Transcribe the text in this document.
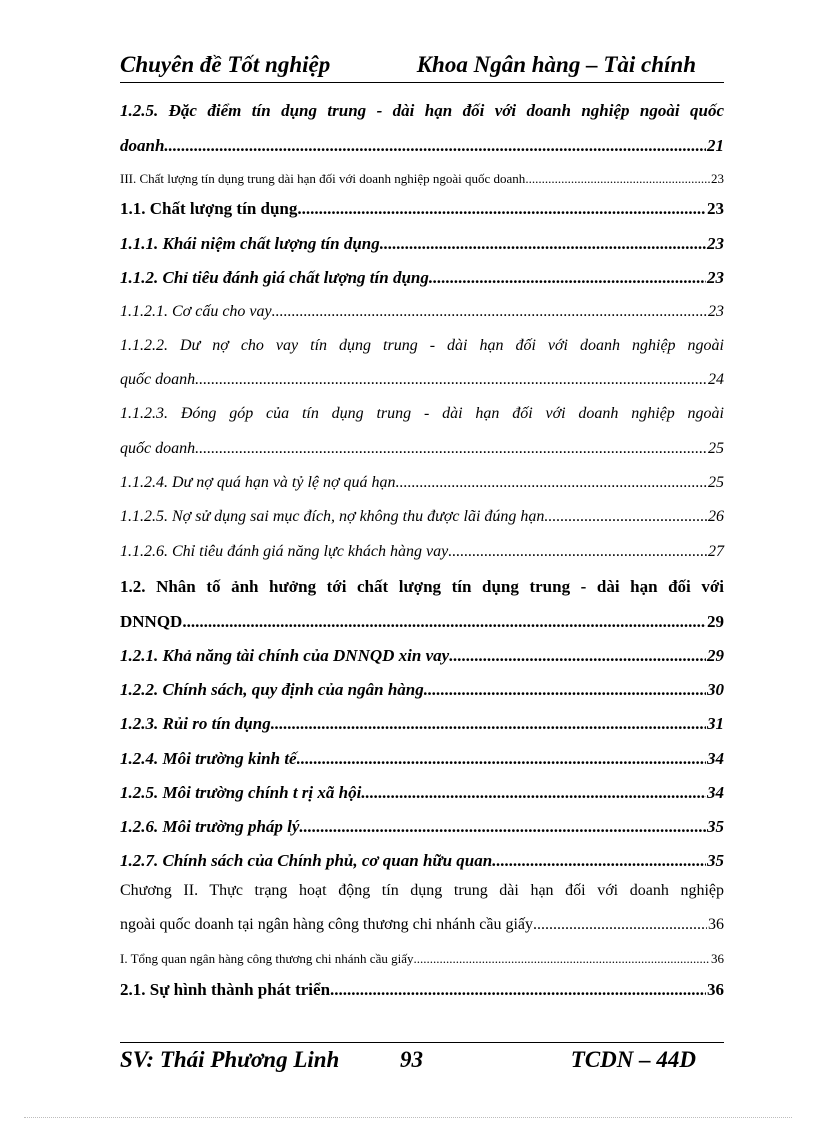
Chuyên đề Tốt nghiệp	Khoa Ngân hàng – Tài chính
1.2.5. Đặc điểm tín dụng trung - dài hạn đối với doanh nghiệp ngoài quốc
doanh .....	21
III. Chất lượng tín dụng trung dài hạn đối với doanh nghiệp ngoài quốc doanh .....	23
1.1. Chất lượng tín dụng .....	23
1.1.1. Khái niệm chất lượng tín dụng .....	23
1.1.2. Chỉ tiêu đánh giá chất lượng tín dụng .....	23
1.1.2.1. Cơ cấu cho vay .....	23
1.1.2.2. Dư nợ cho vay tín dụng trung - dài hạn đối với doanh nghiệp ngoài
quốc doanh .....	24
1.1.2.3. Đóng góp của tín dụng trung - dài hạn đối với doanh nghiệp ngoài
quốc doanh .....	25
1.1.2.4. Dư nợ quá hạn và tỷ lệ nợ quá hạn .....	25
1.1.2.5. Nợ sử dụng sai mục đích, nợ không thu được lãi đúng hạn .....	26
1.1.2.6. Chỉ tiêu đánh giá năng lực khách hàng vay .....	27
1.2. Nhân tố ảnh hưởng tới chất lượng tín dụng trung - dài hạn đối với
DNNQD .....	29
1.2.1. Khả năng tài chính của DNNQD xin vay .....	29
1.2.2. Chính sách, quy định của ngân hàng .....	30
1.2.3. Rủi ro tín dụng .....	31
1.2.4. Môi trường kinh tế .....	34
1.2.5. Môi trường chính t rị xã hội .....	34
1.2.6. Môi trường pháp lý .....	35
1.2.7. Chính sách của Chính phủ, cơ quan hữu quan .....	35
Chương II. Thực trạng hoạt động tín dụng trung dài hạn đối với doanh nghiệp
ngoài quốc doanh tại ngân hàng công thương chi nhánh cầu giấy .....	36
I. Tổng quan ngân hàng công thương chi nhánh cầu giấy .....	36
2.1. Sự hình thành phát triển .....	36
SV: Thái Phương Linh	93	TCDN – 44D
